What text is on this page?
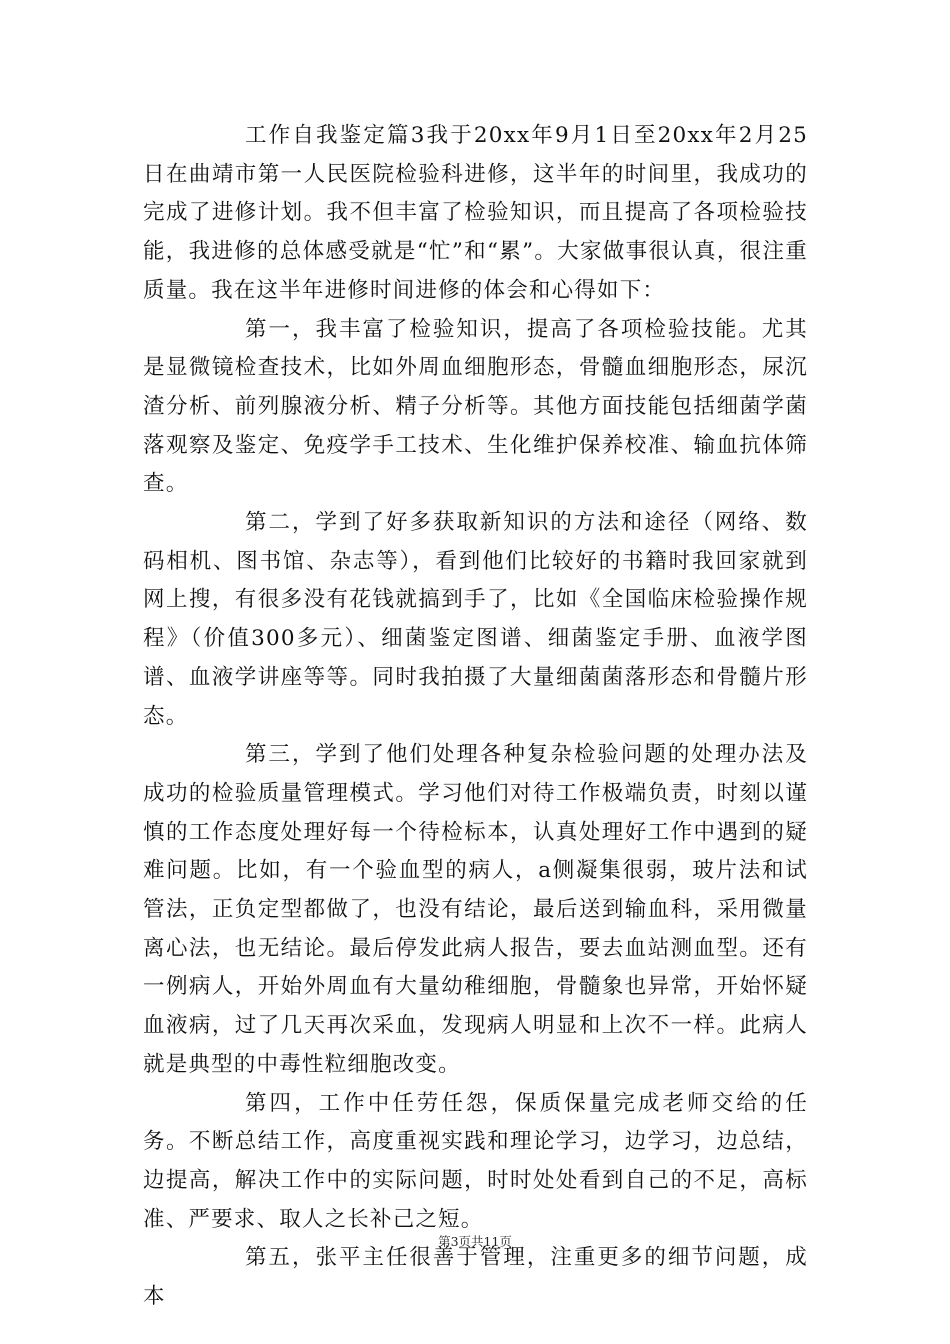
工作自我鉴定篇3我于20xx年9月1日至20xx年2月25日在曲靖市第一人民医院检验科进修，这半年的时间里，我成功的完成了进修计划。我不但丰富了检验知识，而且提高了各项检验技能，我进修的总体感受就是“忙”和“累”。大家做事很认真，很注重质量。我在这半年进修时间进修的体会和心得如下：

第一，我丰富了检验知识，提高了各项检验技能。尤其是显微镜检查技术，比如外周血细胞形态，骨髓血细胞形态，尿沉渣分析、前列腺液分析、精子分析等。其他方面技能包括细菌学菌落观察及鉴定、免疫学手工技术、生化维护保养校准、输血抗体筛查。

第二，学到了好多获取新知识的方法和途径（网络、数码相机、图书馆、杂志等），看到他们比较好的书籍时我回家就到网上搜，有很多没有花钱就搞到手了，比如《全国临床检验操作规程》（价值300多元）、细菌鉴定图谱、细菌鉴定手册、血液学图谱、血液学讲座等等。同时我拍摄了大量细菌菌落形态和骨髓片形态。

第三，学到了他们处理各种复杂检验问题的处理办法及成功的检验质量管理模式。学习他们对待工作极端负责，时刻以谨慎的工作态度处理好每一个待检标本，认真处理好工作中遇到的疑难问题。比如，有一个验血型的病人，a侧凝集很弱，玻片法和试管法，正负定型都做了，也没有结论，最后送到输血科，采用微量离心法，也无结论。最后停发此病人报告，要去血站测血型。还有一例病人，开始外周血有大量幼稚细胞，骨髓象也异常，开始怀疑血液病，过了几天再次采血，发现病人明显和上次不一样。此病人就是典型的中毒性粒细胞改变。

第四，工作中任劳任怨，保质保量完成老师交给的任务。不断总结工作，高度重视实践和理论学习，边学习，边总结，边提高，解决工作中的实际问题，时时处处看到自己的不足，高标准、严要求、取人之长补己之短。

第五，张平主任很善于管理，注重更多的细节问题，成本

第3页共11页
